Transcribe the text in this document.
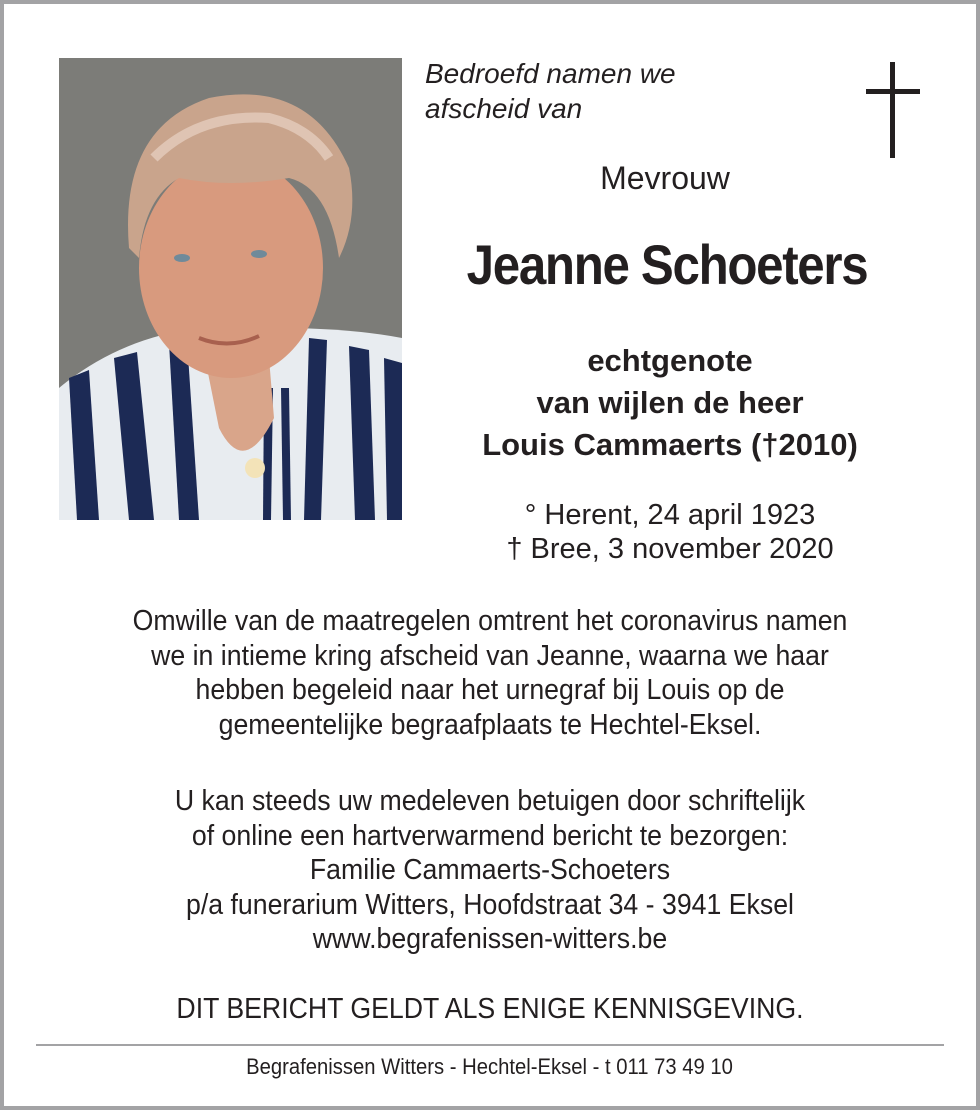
Bedroefd namen we
afscheid van
Mevrouw
Jeanne Schoeters
echtgenote
van wijlen de heer
Louis Cammaerts (†2010)
° Herent, 24 april 1923
† Bree, 3 november 2020
Omwille van de maatregelen omtrent het coronavirus namen
we in intieme kring afscheid van Jeanne, waarna we haar
hebben begeleid naar het urnegraf bij Louis op de
gemeentelijke begraafplaats te Hechtel-Eksel.
U kan steeds uw medeleven betuigen door schriftelijk
of online een hartverwarmend bericht te bezorgen:
Familie Cammaerts-Schoeters
p/a funerarium Witters, Hoofdstraat 34 - 3941 Eksel
www.begrafenissen-witters.be
DIT BERICHT GELDT ALS ENIGE KENNISGEVING.
Begrafenissen Witters - Hechtel-Eksel - t 011 73 49 10
